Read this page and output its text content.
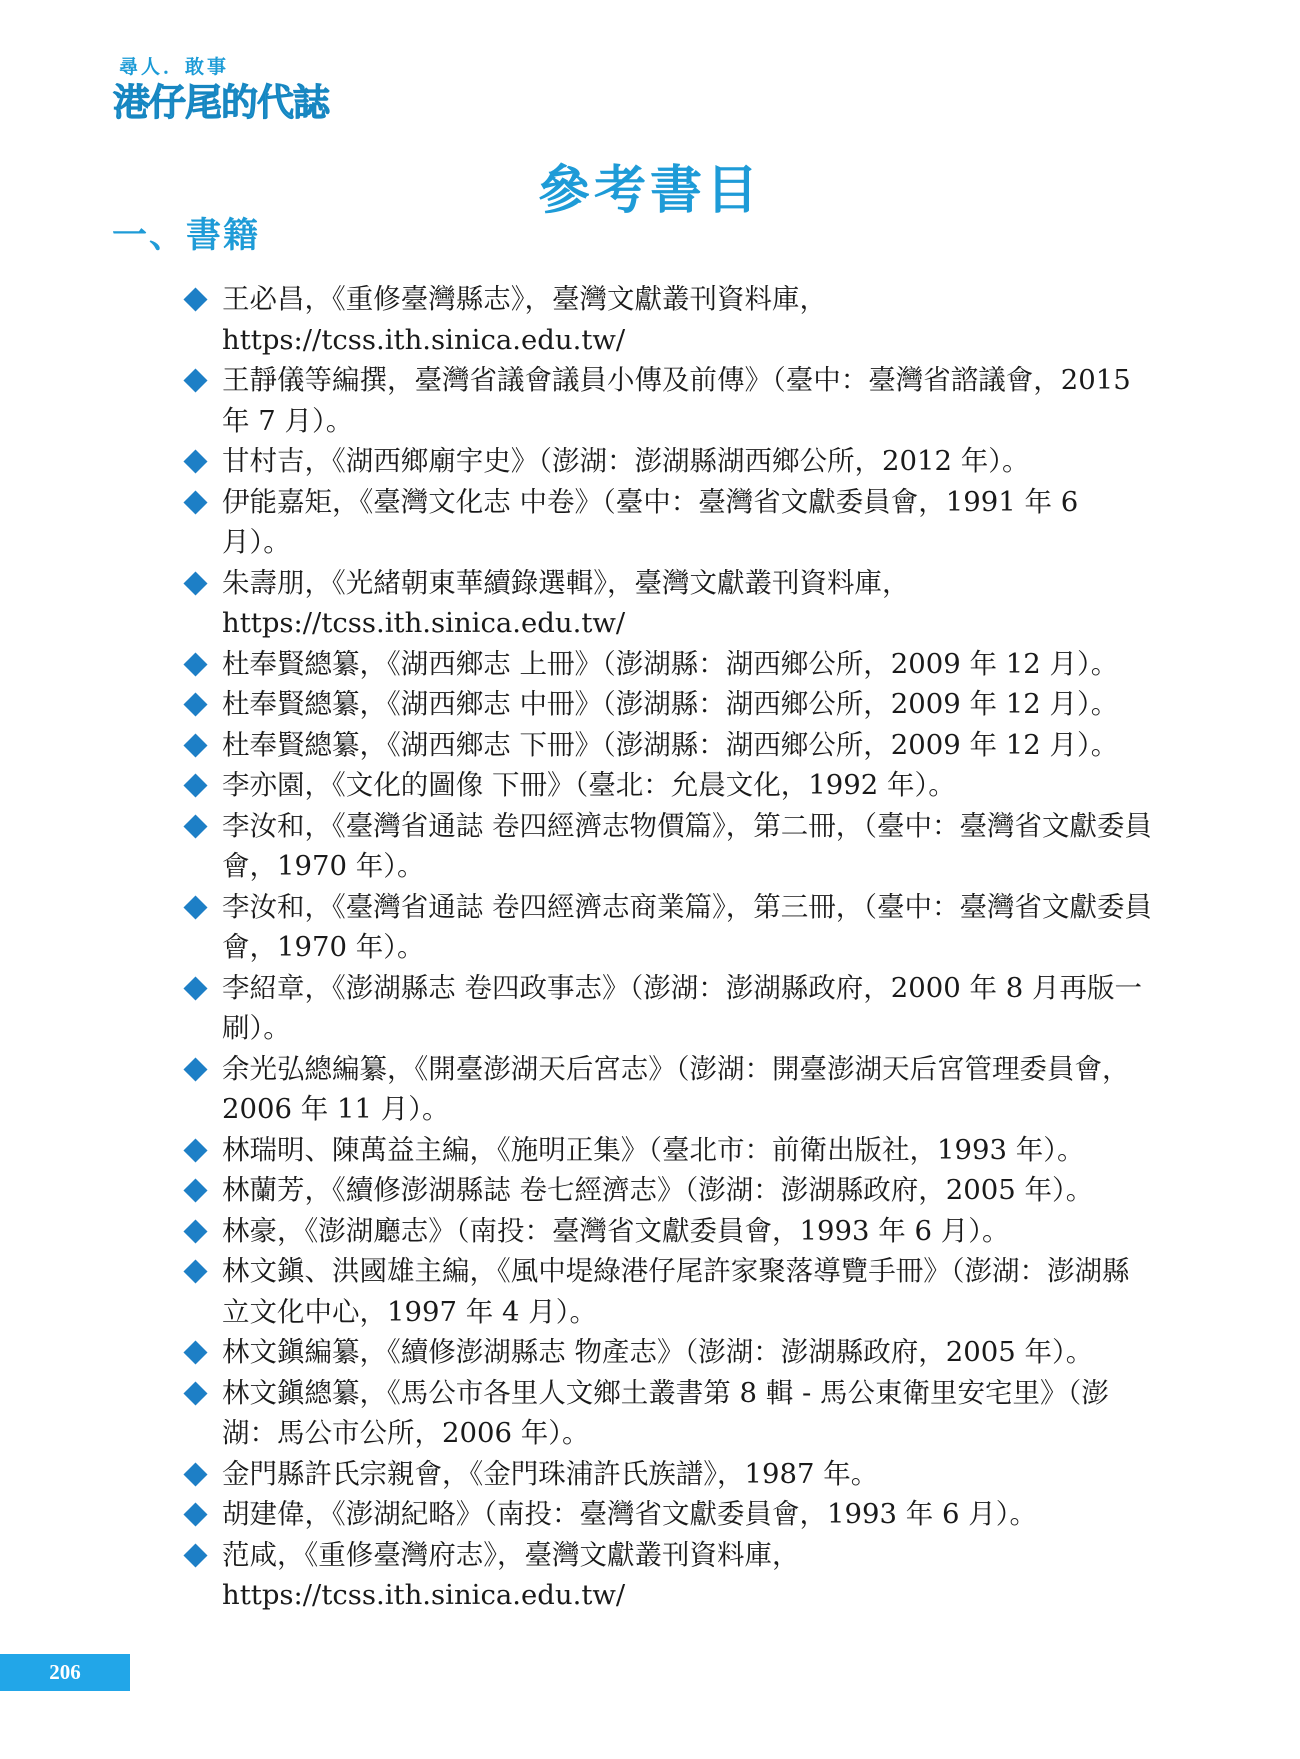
尋人．敢事
港仔尾的代誌
參考書目
一、書籍
王必昌，《重修臺灣縣志》，臺灣文獻叢刊資料庫，https://tcss.ith.sinica.edu.tw/
王靜儀等編撰，臺灣省議會議員小傳及前傳》（臺中：臺灣省諮議會，2015 年 7 月）。
甘村吉，《湖西鄉廟宇史》（澎湖：澎湖縣湖西鄉公所，2012 年）。
伊能嘉矩，《臺灣文化志 中卷》（臺中：臺灣省文獻委員會，1991 年 6 月）。
朱壽朋，《光緒朝東華續錄選輯》，臺灣文獻叢刊資料庫，https://tcss.ith.sinica.edu.tw/
杜奉賢總纂，《湖西鄉志 上冊》（澎湖縣：湖西鄉公所，2009 年 12 月）。
杜奉賢總纂，《湖西鄉志 中冊》（澎湖縣：湖西鄉公所，2009 年 12 月）。
杜奉賢總纂，《湖西鄉志 下冊》（澎湖縣：湖西鄉公所，2009 年 12 月）。
李亦園，《文化的圖像 下冊》（臺北：允晨文化，1992 年）。
李汝和，《臺灣省通誌 卷四經濟志物價篇》，第二冊，（臺中：臺灣省文獻委員會，1970 年）。
李汝和，《臺灣省通誌 卷四經濟志商業篇》，第三冊，（臺中：臺灣省文獻委員會，1970 年）。
李紹章，《澎湖縣志 卷四政事志》（澎湖：澎湖縣政府，2000 年 8 月再版一刷）。
余光弘總編纂，《開臺澎湖天后宮志》（澎湖：開臺澎湖天后宮管理委員會，2006 年 11 月）。
林瑞明、陳萬益主編，《施明正集》（臺北市：前衛出版社，1993 年）。
林蘭芳，《續修澎湖縣誌 卷七經濟志》（澎湖：澎湖縣政府，2005 年）。
林豪，《澎湖廳志》（南投：臺灣省文獻委員會，1993 年 6 月）。
林文鎭、洪國雄主編，《風中堤綠港仔尾許家聚落導覽手冊》（澎湖：澎湖縣立文化中心，1997 年 4 月）。
林文鎭編纂，《續修澎湖縣志 物產志》（澎湖：澎湖縣政府，2005 年）。
林文鎭總纂，《馬公市各里人文鄉土叢書第 8 輯 - 馬公東衛里安宅里》（澎湖：馬公市公所，2006 年）。
金門縣許氏宗親會，《金門珠浦許氏族譜》，1987 年。
胡建偉，《澎湖紀略》（南投：臺灣省文獻委員會，1993 年 6 月）。
范咸，《重修臺灣府志》，臺灣文獻叢刊資料庫，https://tcss.ith.sinica.edu.tw/
206
